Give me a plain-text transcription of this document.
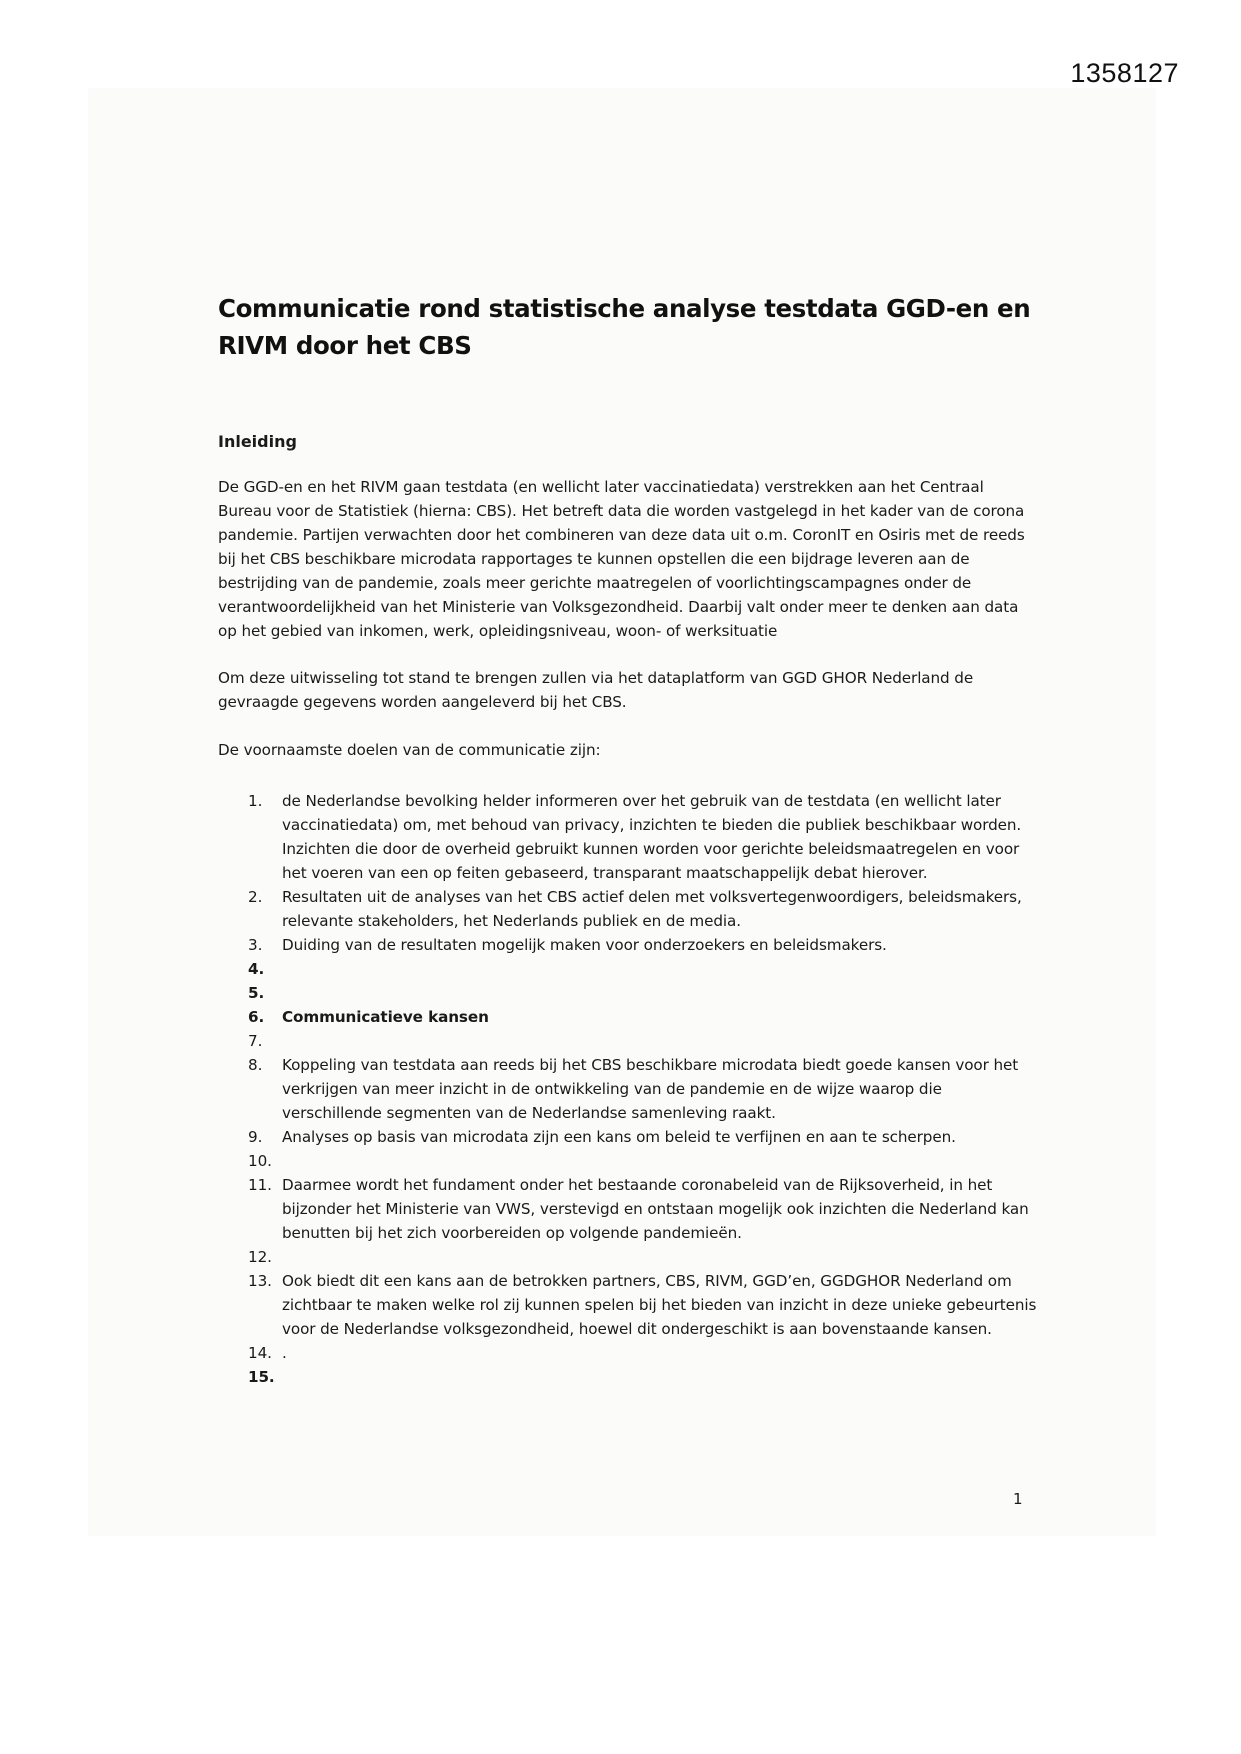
1358127
Communicatie rond statistische analyse testdata GGD-en en RIVM door het CBS
Inleiding

De GGD-en en het RIVM gaan testdata (en wellicht later vaccinatiedata) verstrekken aan het Centraal Bureau voor de Statistiek (hierna: CBS). Het betreft data die worden vastgelegd in het kader van de corona pandemie. Partijen verwachten door het combineren van deze data uit o.m. CoronIT en Osiris met de reeds bij het CBS beschikbare microdata rapportages te kunnen opstellen die een bijdrage leveren aan de bestrijding van de pandemie, zoals meer gerichte maatregelen of voorlichtingscampagnes onder de verantwoordelijkheid van het Ministerie van Volksgezondheid. Daarbij valt onder meer te denken aan data op het gebied van inkomen, werk, opleidingsniveau, woon- of werksituatie

Om deze uitwisseling tot stand te brengen zullen via het dataplatform van GGD GHOR Nederland de gevraagde gegevens worden aangeleverd bij het CBS.

De voornaamste doelen van de communicatie zijn:

1. de Nederlandse bevolking helder informeren over het gebruik van de testdata (en wellicht later vaccinatiedata) om, met behoud van privacy, inzichten te bieden die publiek beschikbaar worden. Inzichten die door de overheid gebruikt kunnen worden voor gerichte beleidsmaatregelen en voor het voeren van een op feiten gebaseerd, transparant maatschappelijk debat hierover.
2. Resultaten uit de analyses van het CBS actief delen met volksvertegenwoordigers, beleidsmakers, relevante stakeholders, het Nederlands publiek en de media.
3. Duiding van de resultaten mogelijk maken voor onderzoekers en beleidsmakers.
4.
5.
6. Communicatieve kansen
7.
8. Koppeling van testdata aan reeds bij het CBS beschikbare microdata biedt goede kansen voor het verkrijgen van meer inzicht in de ontwikkeling van de pandemie en de wijze waarop die verschillende segmenten van de Nederlandse samenleving raakt.
9. Analyses op basis van microdata zijn een kans om beleid te verfijnen en aan te scherpen.
10.
11. Daarmee wordt het fundament onder het bestaande coronabeleid van de Rijksoverheid, in het bijzonder het Ministerie van VWS, verstevigd en ontstaan mogelijk ook inzichten die Nederland kan benutten bij het zich voorbereiden op volgende pandemieën.
12.
13. Ook biedt dit een kans aan de betrokken partners, CBS, RIVM, GGD’en, GGDGHOR Nederland om zichtbaar te maken welke rol zij kunnen spelen bij het bieden van inzicht in deze unieke gebeurtenis voor de Nederlandse volksgezondheid, hoewel dit ondergeschikt is aan bovenstaande kansen.
14. .
15.
1
